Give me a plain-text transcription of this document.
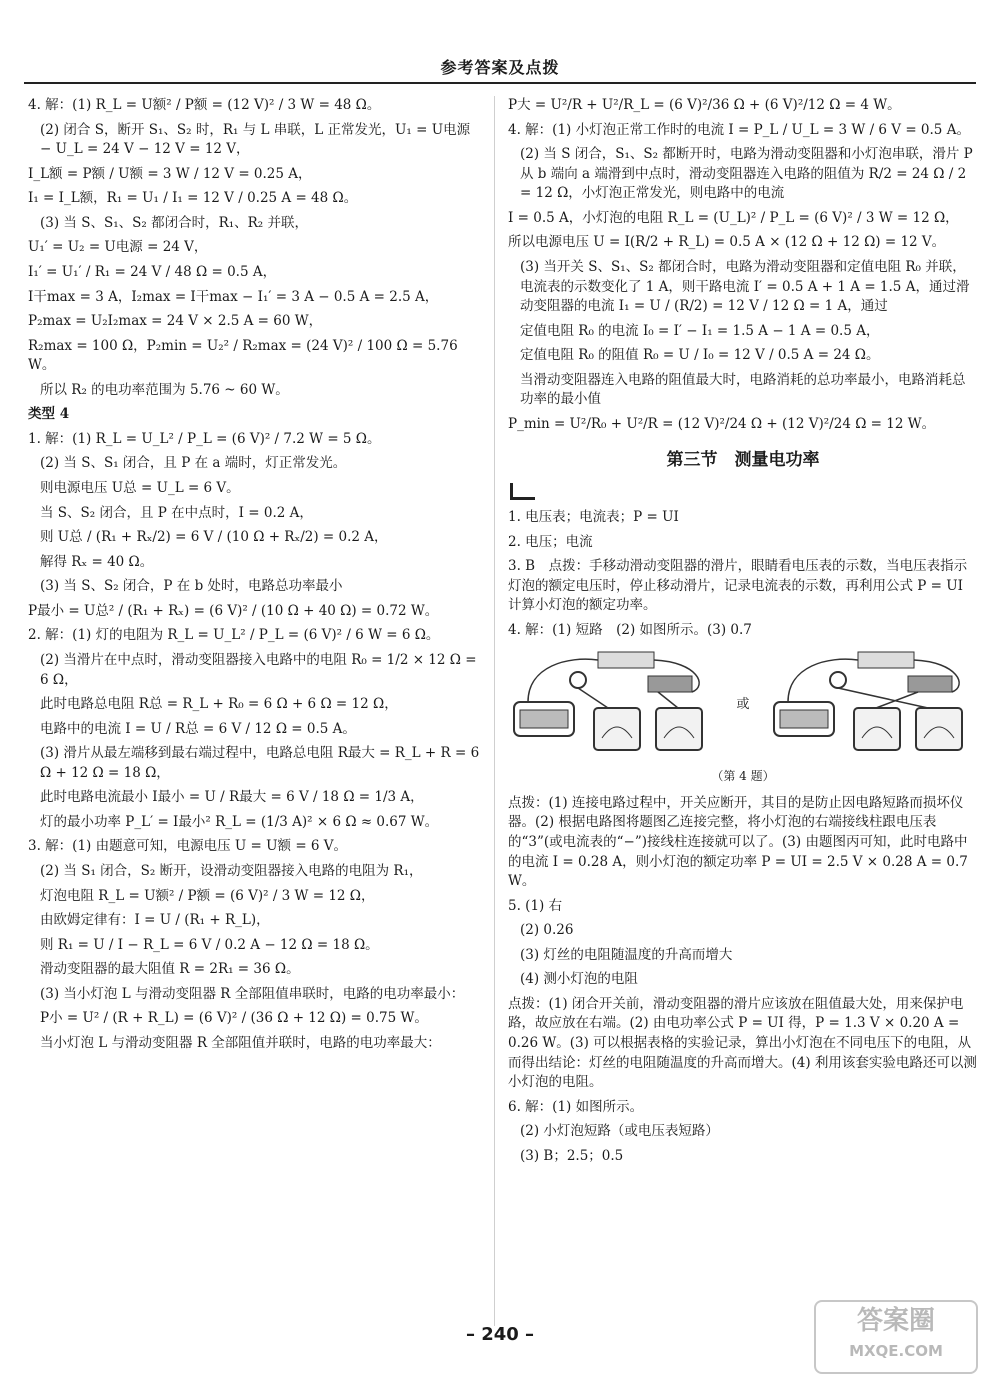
参考答案及点拨
4. 解：(1) R_L = U额² / P额 = (12 V)² / 3 W = 48 Ω。
(2) 闭合 S，断开 S₁、S₂ 时，R₁ 与 L 串联，L 正常发光，U₁ = U电源 − U_L = 24 V − 12 V = 12 V，
I_L额 = P额 / U额 = 3 W / 12 V = 0.25 A，
I₁ = I_L额，R₁ = U₁ / I₁ = 12 V / 0.25 A = 48 Ω。
(3) 当 S、S₁、S₂ 都闭合时，R₁、R₂ 并联，
U₁′ = U₂ = U电源 = 24 V，
I₁′ = U₁′ / R₁ = 24 V / 48 Ω = 0.5 A，
I干max = 3 A，I₂max = I干max − I₁′ = 3 A − 0.5 A = 2.5 A，
P₂max = U₂I₂max = 24 V × 2.5 A = 60 W，
R₂max = 100 Ω，P₂min = U₂² / R₂max = (24 V)² / 100 Ω = 5.76 W。
所以 R₂ 的电功率范围为 5.76 ~ 60 W。
类型 4
1. 解：(1) R_L = U_L² / P_L = (6 V)² / 7.2 W = 5 Ω。
(2) 当 S、S₁ 闭合，且 P 在 a 端时，灯正常发光。
则电源电压 U总 = U_L = 6 V。
当 S、S₂ 闭合，且 P 在中点时，I = 0.2 A，
则 U总 / (R₁ + Rₓ/2) = 6 V / (10 Ω + Rₓ/2) = 0.2 A，
解得 Rₓ = 40 Ω。
(3) 当 S、S₂ 闭合，P 在 b 处时，电路总功率最小
P最小 = U总² / (R₁ + Rₓ) = (6 V)² / (10 Ω + 40 Ω) = 0.72 W。
2. 解：(1) 灯的电阻为 R_L = U_L² / P_L = (6 V)² / 6 W = 6 Ω。
(2) 当滑片在中点时，滑动变阻器接入电路中的电阻 R₀ = 1/2 × 12 Ω = 6 Ω，
此时电路总电阻 R总 = R_L + R₀ = 6 Ω + 6 Ω = 12 Ω，
电路中的电流 I = U / R总 = 6 V / 12 Ω = 0.5 A。
(3) 滑片从最左端移到最右端过程中，电路总电阻 R最大 = R_L + R = 6 Ω + 12 Ω = 18 Ω，
此时电路电流最小 I最小 = U / R最大 = 6 V / 18 Ω = 1/3 A，
灯的最小功率 P_L′ = I最小² R_L = (1/3 A)² × 6 Ω ≈ 0.67 W。
3. 解：(1) 由题意可知，电源电压 U = U额 = 6 V。
(2) 当 S₁ 闭合，S₂ 断开，设滑动变阻器接入电路的电阻为 R₁，
灯泡电阻 R_L = U额² / P额 = (6 V)² / 3 W = 12 Ω，
由欧姆定律有：I = U / (R₁ + R_L)，
则 R₁ = U / I − R_L = 6 V / 0.2 A − 12 Ω = 18 Ω。
滑动变阻器的最大阻值 R = 2R₁ = 36 Ω。
(3) 当小灯泡 L 与滑动变阻器 R 全部阻值串联时，电路的电功率最小：
P小 = U² / (R + R_L) = (6 V)² / (36 Ω + 12 Ω) = 0.75 W。
当小灯泡 L 与滑动变阻器 R 全部阻值并联时，电路的电功率最大：
P大 = U²/R + U²/R_L = (6 V)²/36 Ω + (6 V)²/12 Ω = 4 W。
4. 解：(1) 小灯泡正常工作时的电流 I = P_L / U_L = 3 W / 6 V = 0.5 A。
(2) 当 S 闭合，S₁、S₂ 都断开时，电路为滑动变阻器和小灯泡串联，滑片 P 从 b 端向 a 端滑到中点时，滑动变阻器连入电路的阻值为 R/2 = 24 Ω / 2 = 12 Ω，小灯泡正常发光，则电路中的电流
I = 0.5 A，小灯泡的电阻 R_L = (U_L)² / P_L = (6 V)² / 3 W = 12 Ω，
所以电源电压 U = I(R/2 + R_L) = 0.5 A × (12 Ω + 12 Ω) = 12 V。
(3) 当开关 S、S₁、S₂ 都闭合时，电路为滑动变阻器和定值电阻 R₀ 并联，电流表的示数变化了 1 A，则干路电流 I′ = 0.5 A + 1 A = 1.5 A，通过滑动变阻器的电流 I₁ = U / (R/2) = 12 V / 12 Ω = 1 A，通过
定值电阻 R₀ 的电流 I₀ = I′ − I₁ = 1.5 A − 1 A = 0.5 A，
定值电阻 R₀ 的阻值 R₀ = U / I₀ = 12 V / 0.5 A = 24 Ω。
当滑动变阻器连入电路的阻值最大时，电路消耗的总功率最小，电路消耗总功率的最小值
P_min = U²/R₀ + U²/R = (12 V)²/24 Ω + (12 V)²/24 Ω = 12 W。
第三节　测量电功率
1. 电压表；电流表；P = UI
2. 电压；电流
3. B　点拨：手移动滑动变阻器的滑片，眼睛看电压表的示数，当电压表指示灯泡的额定电压时，停止移动滑片，记录电流表的示数，再利用公式 P = UI 计算小灯泡的额定功率。
4. 解：(1) 短路　(2) 如图所示。(3) 0.7
或
（第 4 题）
点拨：(1) 连接电路过程中，开关应断开，其目的是防止因电路短路而损坏仪器。(2) 根据电路图将题图乙连接完整，将小灯泡的右端接线柱跟电压表的“3”(或电流表的“−”)接线柱连接就可以了。(3) 由题图丙可知，此时电路中的电流 I = 0.28 A，则小灯泡的额定功率 P = UI = 2.5 V × 0.28 A = 0.7 W。
5. (1) 右
(2) 0.26
(3) 灯丝的电阻随温度的升高而增大
(4) 测小灯泡的电阻
点拨：(1) 闭合开关前，滑动变阻器的滑片应该放在阻值最大处，用来保护电路，故应放在右端。(2) 由电功率公式 P = UI 得，P = 1.3 V × 0.20 A = 0.26 W。(3) 可以根据表格的实验记录，算出小灯泡在不同电压下的电阻，从而得出结论：灯丝的电阻随温度的升高而增大。(4) 利用该套实验电路还可以测小灯泡的电阻。
6. 解：(1) 如图所示。
(2) 小灯泡短路（或电压表短路）
(3) B；2.5；0.5
– 240 –	答案圈
MXQE.COM
